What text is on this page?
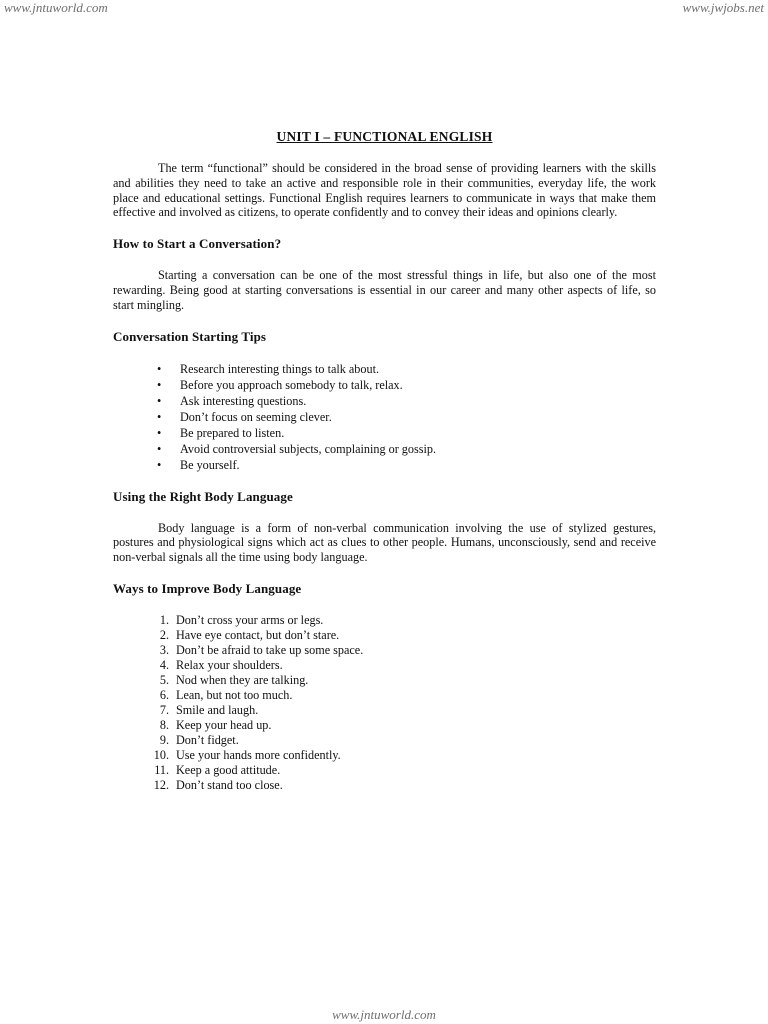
www.jntuworld.com	www.jwjobs.net
UNIT I – FUNCTIONAL ENGLISH

The term “functional” should be considered in the broad sense of providing learners with the skills and abilities they need to take an active and responsible role in their communities, everyday life, the work place and educational settings. Functional English requires learners to communicate in ways that make them effective and involved as citizens, to operate confidently and to convey their ideas and opinions clearly.

How to Start a Conversation?

Starting a conversation can be one of the most stressful things in life, but also one of the most rewarding. Being good at starting conversations is essential in our career and many other aspects of life, so start mingling.

Conversation Starting Tips
• Research interesting things to talk about.
• Before you approach somebody to talk, relax.
• Ask interesting questions.
• Don’t focus on seeming clever.
• Be prepared to listen.
• Avoid controversial subjects, complaining or gossip.
• Be yourself.
Using the Right Body Language

Body language is a form of non-verbal communication involving the use of stylized gestures, postures and physiological signs which act as clues to other people. Humans, unconsciously, send and receive non-verbal signals all the time using body language.

Ways to Improve Body Language
1. Don’t cross your arms or legs.
2. Have eye contact, but don’t stare.
3. Don’t be afraid to take up some space.
4. Relax your shoulders.
5. Nod when they are talking.
6. Lean, but not too much.
7. Smile and laugh.
8. Keep your head up.
9. Don’t fidget.
10. Use your hands more confidently.
11. Keep a good attitude.
12. Don’t stand too close.
www.jntuworld.com
